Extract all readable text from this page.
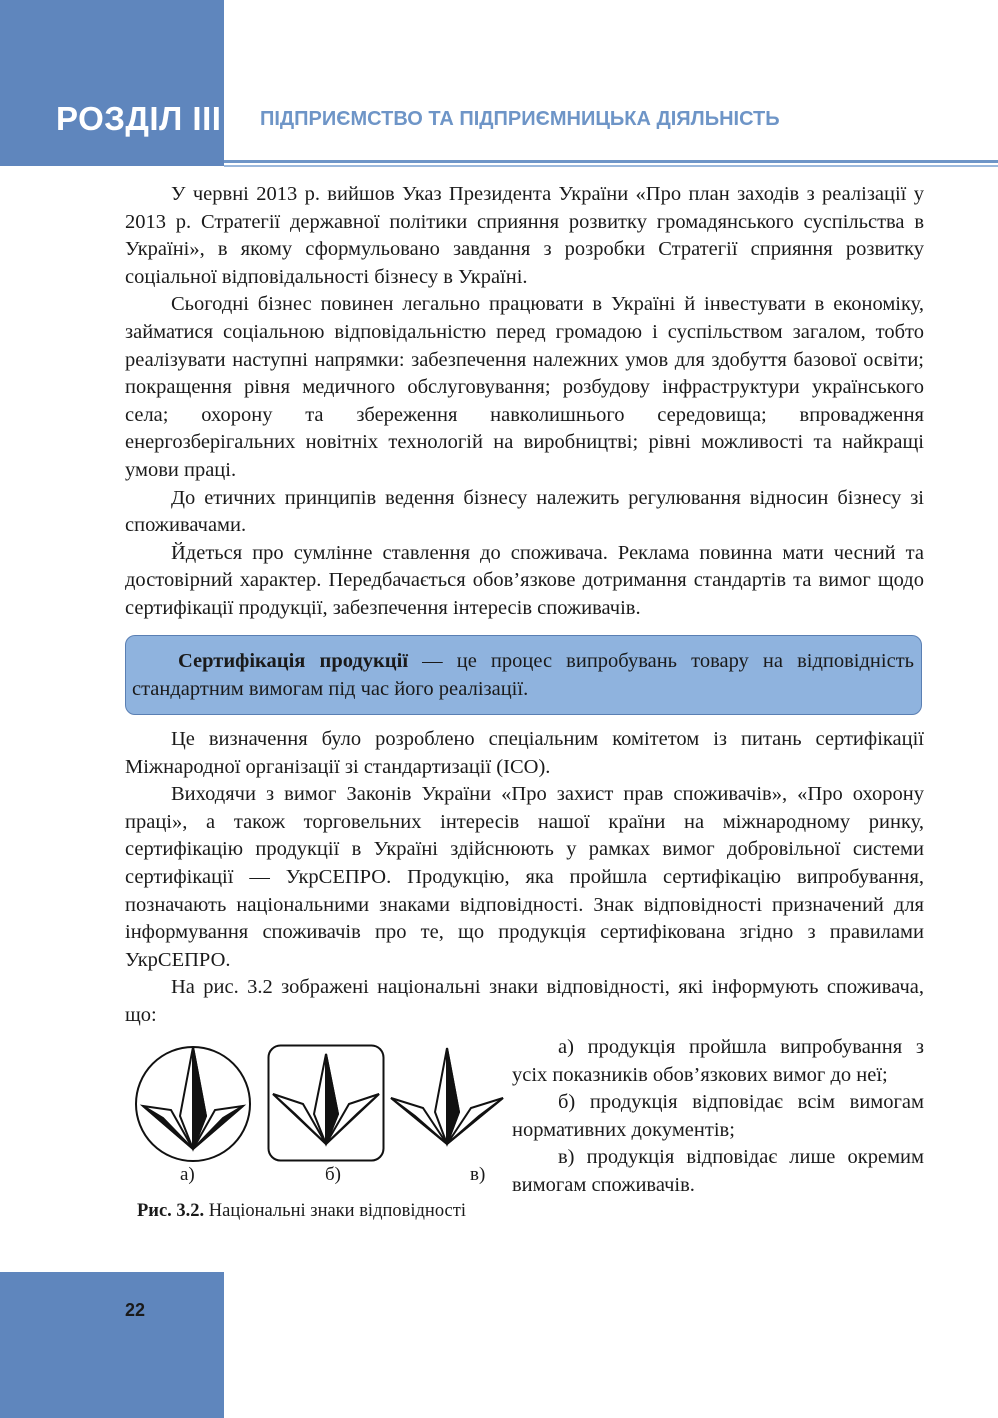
РОЗДІЛ III ПІДПРИЄМСТВО ТА ПІДПРИЄМНИЦЬКА ДІЯЛЬНІСТЬ

У червні 2013 р. вийшов Указ Президента України «Про план заходів з реалізації у 2013 р. Стратегії державної політики сприяння розвитку громадянського суспільства в Україні», в якому сформульовано завдання з розробки Стратегії сприяння розвитку соціальної відповідальності бізнесу в Україні.

Сьогодні бізнес повинен легально працювати в Україні й інвестувати в економіку, займатися соціальною відповідальністю перед громадою і суспільством загалом, тобто реалізувати наступні напрямки: забезпечення належних умов для здобуття базової освіти; покращення рівня медичного обслуговування; розбудову інфраструктури українського села; охорону та збереження навколишнього середовища; впровадження енергозберігальних новітніх технологій на виробництві; рівні можливості та найкращі умови праці.

До етичних принципів ведення бізнесу належить регулювання відносин бізнесу зі споживачами.

Йдеться про сумлінне ставлення до споживача. Реклама повинна мати чесний та достовірний характер. Передбачається обов’язкове дотримання стандартів та вимог щодо сертифікації продукції, забезпечення інтересів споживачів.

Сертифікація продукції — це процес випробувань товару на відповідність стандартним вимогам під час його реалізації.

Це визначення було розроблено спеціальним комітетом із питань сертифікації Міжнародної організації зі стандартизації (ІСО).

Виходячи з вимог Законів України «Про захист прав споживачів», «Про охорону праці», а також торговельних інтересів нашої країни на міжнародному ринку, сертифікацію продукції в Україні здійснюють у рамках вимог добровільної системи сертифікації — УкрСЕПРО. Продукцію, яка пройшла сертифікацію випробування, позначають національними знаками відповідності. Знак відповідності призначений для інформування споживачів про те, що продукція сертифікована згідно з правилами УкрСЕПРО.

На рис. 3.2 зображені національні знаки відповідності, які інформують споживача, що:

а)	б)	в)
Рис. 3.2. Національні знаки відповідності

а) продукція пройшла випробування з усіх показників обов’язкових вимог до неї;

б) продукція відповідає всім вимогам нормативних документів;

в) продукція відповідає лише окремим вимогам споживачів.

22
